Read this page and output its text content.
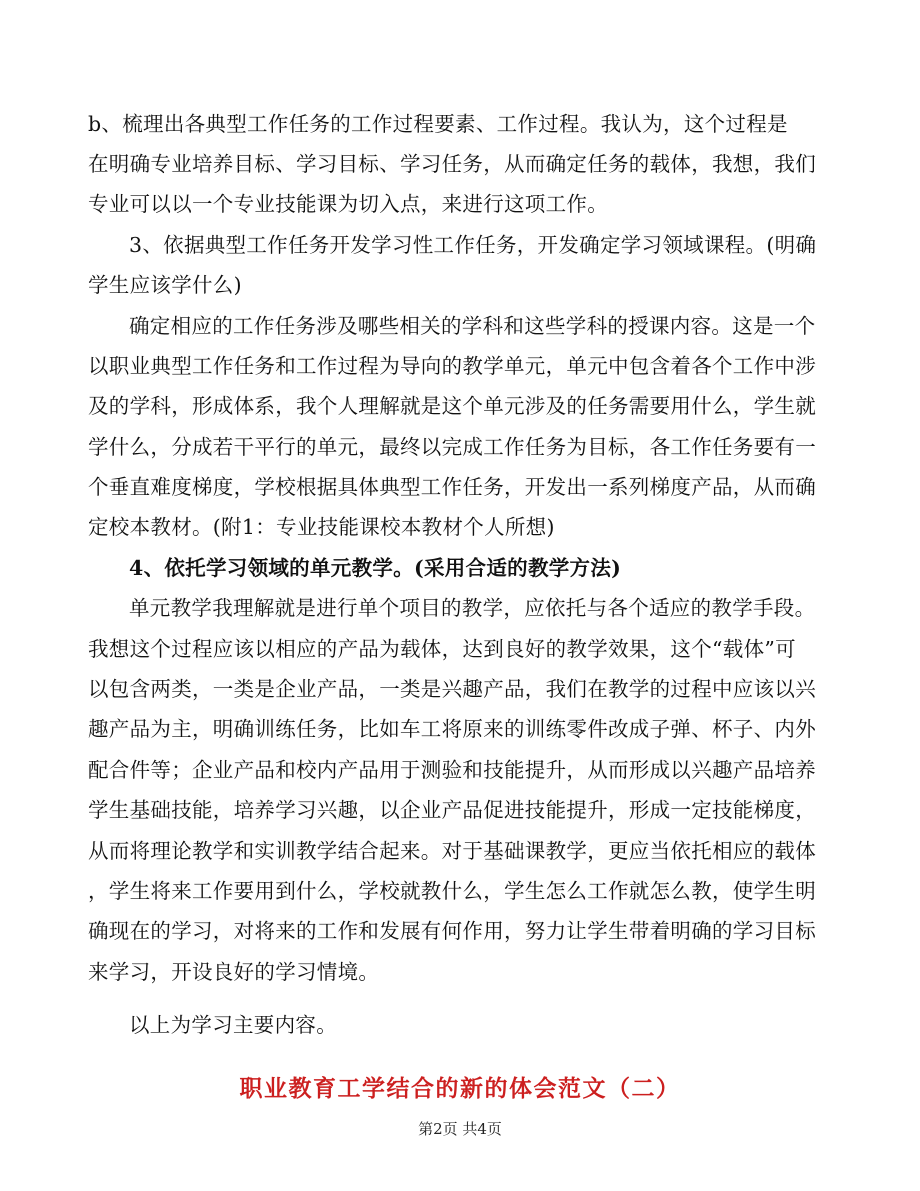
b、梳理出各典型工作任务的工作过程要素、工作过程。我认为，这个过程是
在明确专业培养目标、学习目标、学习任务，从而确定任务的载体，我想，我们
专业可以以一个专业技能课为切入点，来进行这项工作。
3、依据典型工作任务开发学习性工作任务，开发确定学习领域课程。(明确
学生应该学什么)
确定相应的工作任务涉及哪些相关的学科和这些学科的授课内容。这是一个
以职业典型工作任务和工作过程为导向的教学单元，单元中包含着各个工作中涉
及的学科，形成体系，我个人理解就是这个单元涉及的任务需要用什么，学生就
学什么，分成若干平行的单元，最终以完成工作任务为目标，各工作任务要有一
个垂直难度梯度，学校根据具体典型工作任务，开发出一系列梯度产品，从而确
定校本教材。(附1：专业技能课校本教材个人所想)
4、依托学习领域的单元教学。(采用合适的教学方法)
单元教学我理解就是进行单个项目的教学，应依托与各个适应的教学手段。
我想这个过程应该以相应的产品为载体，达到良好的教学效果，这个“载体”可
以包含两类，一类是企业产品，一类是兴趣产品，我们在教学的过程中应该以兴
趣产品为主，明确训练任务，比如车工将原来的训练零件改成子弹、杯子、内外
配合件等；企业产品和校内产品用于测验和技能提升，从而形成以兴趣产品培养
学生基础技能，培养学习兴趣，以企业产品促进技能提升，形成一定技能梯度，
从而将理论教学和实训教学结合起来。对于基础课教学，更应当依托相应的载体
，学生将来工作要用到什么，学校就教什么，学生怎么工作就怎么教，使学生明
确现在的学习，对将来的工作和发展有何作用，努力让学生带着明确的学习目标
来学习，开设良好的学习情境。
以上为学习主要内容。
职业教育工学结合的新的体会范文（二）
第2页 共4页
